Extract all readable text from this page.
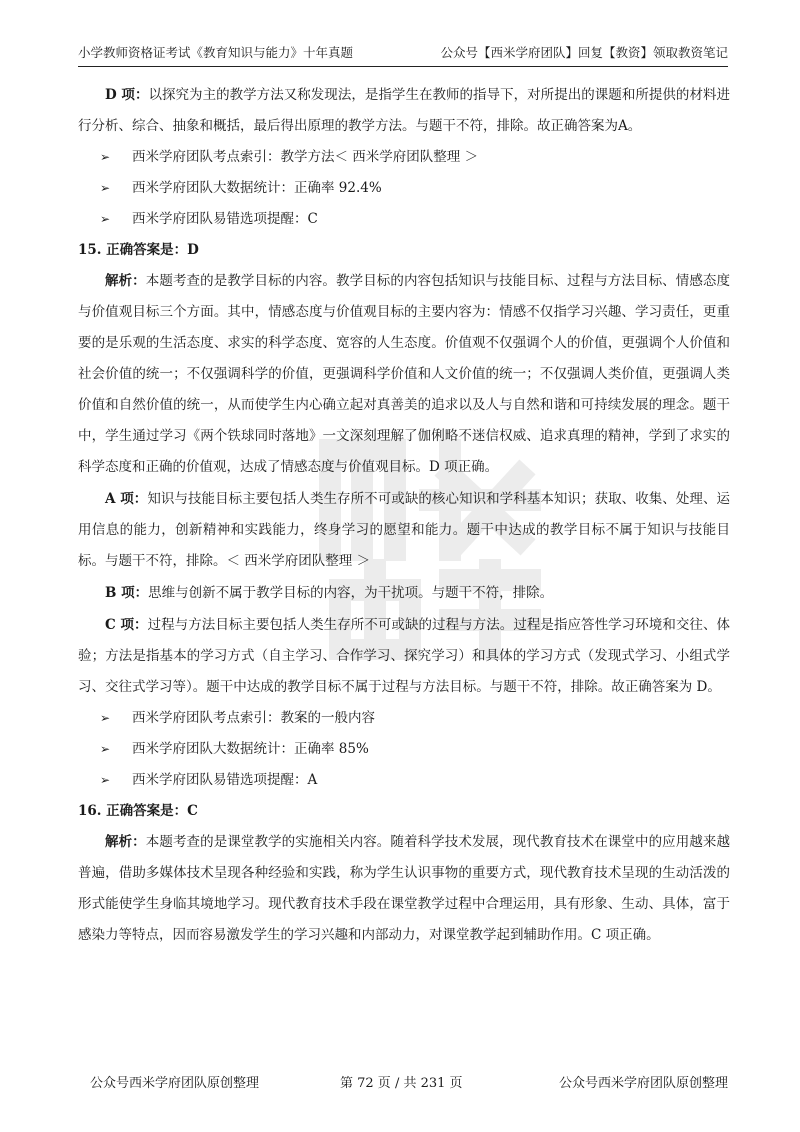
小学教师资格证考试《教育知识与能力》十年真题	公众号【西米学府团队】回复【教资】领取教资笔记

D 项：以探究为主的教学方法又称发现法，是指学生在教师的指导下，对所提出的课题和所提供的材料进行分析、综合、抽象和概括，最后得出原理的教学方法。与题干不符，排除。故正确答案为A。

➢ 西米学府团队考点索引：教学方法＜ 西米学府团队整理 ＞
➢ 西米学府团队大数据统计：正确率 92.4%
➢ 西米学府团队易错选项提醒：C

15. 正确答案是：D

解析：本题考查的是教学目标的内容。教学目标的内容包括知识与技能目标、过程与方法目标、情感态度与价值观目标三个方面。其中，情感态度与价值观目标的主要内容为：情感不仅指学习兴趣、学习责任，更重要的是乐观的生活态度、求实的科学态度、宽容的人生态度。价值观不仅强调个人的价值，更强调个人价值和社会价值的统一；不仅强调科学的价值，更强调科学价值和人文价值的统一；不仅强调人类价值，更强调人类价值和自然价值的统一，从而使学生内心确立起对真善美的追求以及人与自然和谐和可持续发展的理念。题干中，学生通过学习《两个铁球同时落地》一文深刻理解了伽俐略不迷信权威、追求真理的精神，学到了求实的科学态度和正确的价值观，达成了情感态度与价值观目标。D 项正确。

A 项：知识与技能目标主要包括人类生存所不可或缺的核心知识和学科基本知识；获取、收集、处理、运用信息的能力，创新精神和实践能力，终身学习的愿望和能力。题干中达成的教学目标不属于知识与技能目标。与题干不符，排除。＜ 西米学府团队整理 ＞

B 项：思维与创新不属于教学目标的内容，为干扰项。与题干不符，排除。

C 项：过程与方法目标主要包括人类生存所不可或缺的过程与方法。过程是指应答性学习环境和交往、体验；方法是指基本的学习方式（自主学习、合作学习、探究学习）和具体的学习方式（发现式学习、小组式学习、交往式学习等）。题干中达成的教学目标不属于过程与方法目标。与题干不符，排除。故正确答案为 D。

➢ 西米学府团队考点索引：教案的一般内容
➢ 西米学府团队大数据统计：正确率 85%
➢ 西米学府团队易错选项提醒：A

16. 正确答案是：C

解析：本题考查的是课堂教学的实施相关内容。随着科学技术发展，现代教育技术在课堂中的应用越来越普遍，借助多媒体技术呈现各种经验和实践，称为学生认识事物的重要方式，现代教育技术呈现的生动活泼的形式能使学生身临其境地学习。现代教育技术手段在课堂教学过程中合理运用，具有形象、生动、具体，富于感染力等特点，因而容易激发学生的学习兴趣和内部动力，对课堂教学起到辅助作用。C 项正确。

公众号西米学府团队原创整理	第 72 页 / 共 231 页	公众号西米学府团队原创整理
